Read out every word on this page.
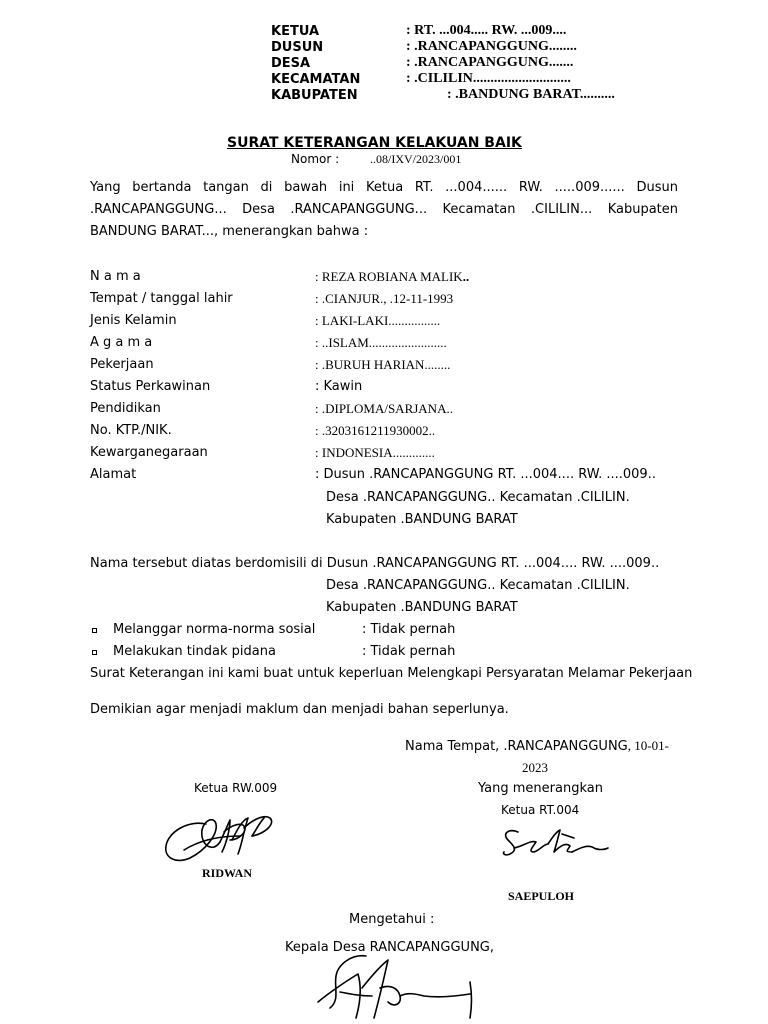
KETUA	: RT. ...004..... RW. ...009....
DUSUN	: .RANCAPANGGUNG........
DESA	: .RANCAPANGGUNG.......
KECAMATAN	: .CILILIN............................
KABUPATEN	: .BANDUNG BARAT..........
SURAT KETERANGAN KELAKUAN BAIK
Nomor :	..08/IXV/2023/001
Yang bertanda tangan di bawah ini Ketua RT. ...004...... RW. .....009...... Dusun
.RANCAPANGGUNG... Desa .RANCAPANGGUNG... Kecamatan .CILILIN... Kabupaten
BANDUNG BARAT..., menerangkan bahwa :
N a m a	: REZA ROBIANA MALIK..
Tempat / tanggal lahir	: .CIANJUR., .12-11-1993
Jenis Kelamin	: LAKI-LAKI................
A g a m a	: ..ISLAM........................
Pekerjaan	: .BURUH HARIAN........
Status Perkawinan	: Kawin
Pendidikan	: .DIPLOMA/SARJANA..
No. KTP./NIK.	: .3203161211930002..
Kewarganegaraan	: INDONESIA.............
Alamat	: Dusun .RANCAPANGGUNG RT. ...004.... RW. ....009..
Desa .RANCAPANGGUNG.. Kecamatan .CILILIN.
Kabupaten .BANDUNG BARAT
Nama tersebut diatas berdomisili di Dusun .RANCAPANGGUNG RT. ...004.... RW. ....009..
Desa .RANCAPANGGUNG.. Kecamatan .CILILIN.
Kabupaten .BANDUNG BARAT
Melanggar norma-norma sosial	: Tidak pernah
Melakukan tindak pidana	: Tidak pernah
Surat Keterangan ini kami buat untuk keperluan Melengkapi Persyaratan Melamar Pekerjaan
Demikian agar menjadi maklum dan menjadi bahan seperlunya.
Nama Tempat, .RANCAPANGGUNG, 10-01-
2023
Ketua RW.009
RIDWAN
Yang menerangkan
Ketua RT.004
SAEPULOH
Mengetahui :
Kepala Desa RANCAPANGGUNG,
